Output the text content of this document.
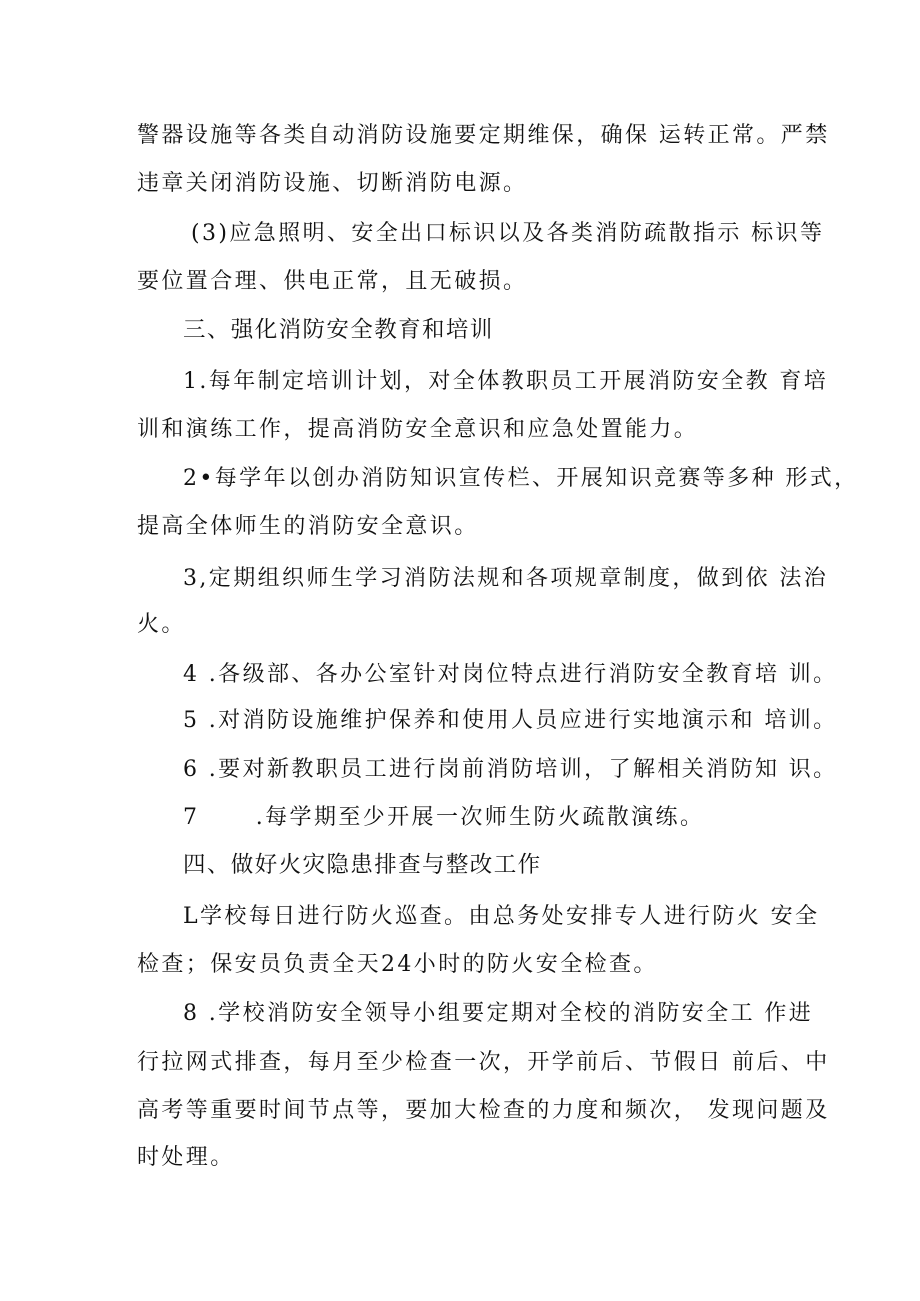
警器设施等各类自动消防设施要定期维保，确保 运转正常。严禁
违章关闭消防设施、切断消防电源。
(3)应急照明、安全出口标识以及各类消防疏散指示 标识等
要位置合理、供电正常，且无破损。
三、强化消防安全教育和培训
1.每年制定培训计划，对全体教职员工开展消防安全教 育培
训和演练工作，提高消防安全意识和应急处置能力。
2•每学年以创办消防知识宣传栏、开展知识竞赛等多种 形式，
提高全体师生的消防安全意识。
3,定期组织师生学习消防法规和各项规章制度，做到依 法治
火。
4 .各级部、各办公室针对岗位特点进行消防安全教育培 训。
5 .对消防设施维护保养和使用人员应进行实地演示和 培训。
6 .要对新教职员工进行岗前消防培训，了解相关消防知 识。
7      .每学期至少开展一次师生防火疏散演练。
四、做好火灾隐患排查与整改工作
L学校每日进行防火巡查。由总务处安排专人进行防火 安全
检查；保安员负责全天24小时的防火安全检查。
8 .学校消防安全领导小组要定期对全校的消防安全工 作进
行拉网式排查，每月至少检查一次，开学前后、节假日 前后、中
高考等重要时间节点等，要加大检查的力度和频次， 发现问题及
时处理。
